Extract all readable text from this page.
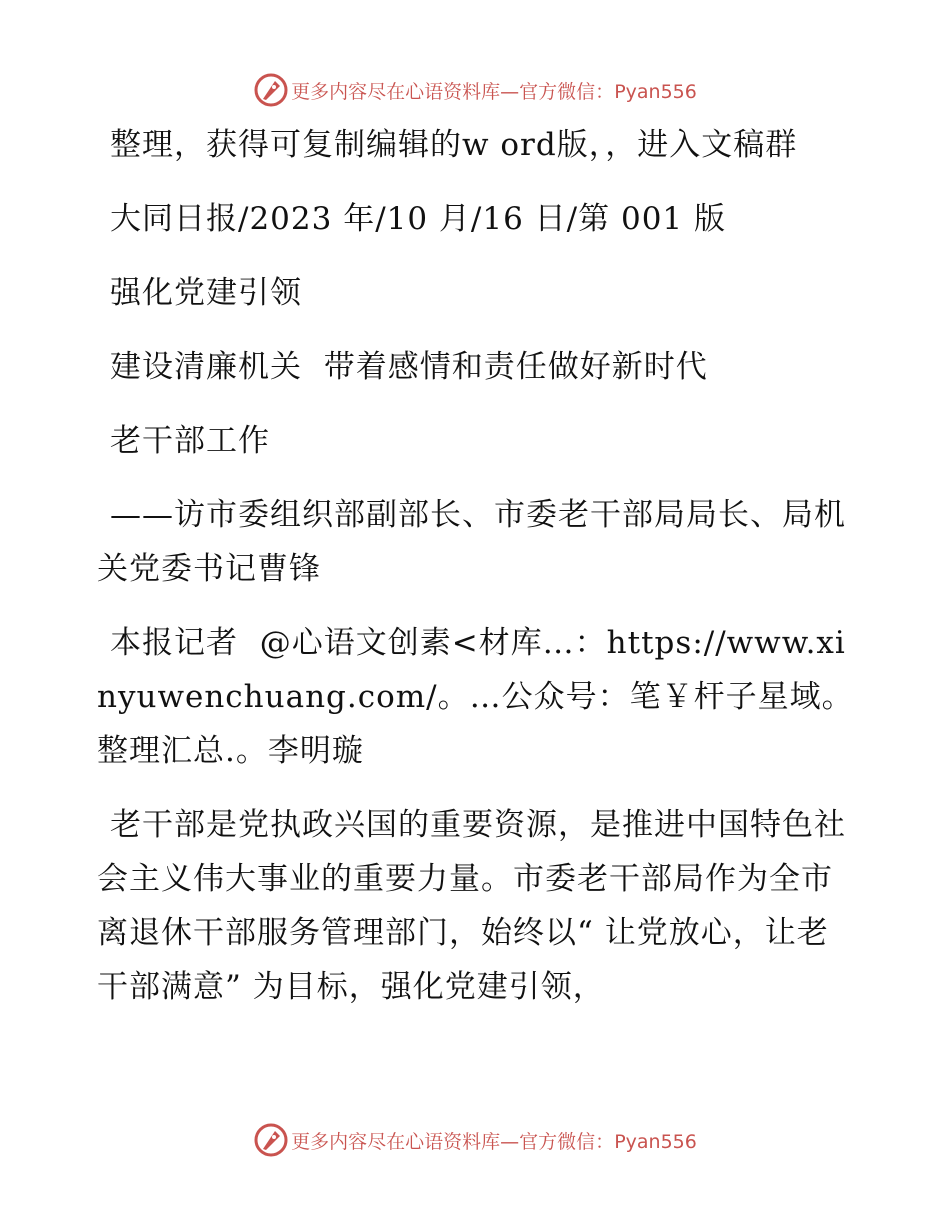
更多内容尽在心语资料库—官方微信：Pyan556

整理，获得可复制编辑的w ord版，，进入文稿群

大同日报/2023 年/10 月/16 日/第 001 版

强化党建引领

建设清廉机关  带着感情和责任做好新时代

老干部工作

——访市委组织部副部长、市委老干部局局长、局机关党委书记曹锋

本报记者  @心语文创素<材库…：https://www.xinyuwenchuang.com/。…公众号：笔￥杆子星域。整理汇总.。李明璇

老干部是党执政兴国的重要资源，是推进中国特色社会主义伟大事业的重要力量。市委老干部局作为全市离退休干部服务管理部门，始终以“ 让党放心，让老干部满意” 为目标，强化党建引领，

更多内容尽在心语资料库—官方微信：Pyan556
